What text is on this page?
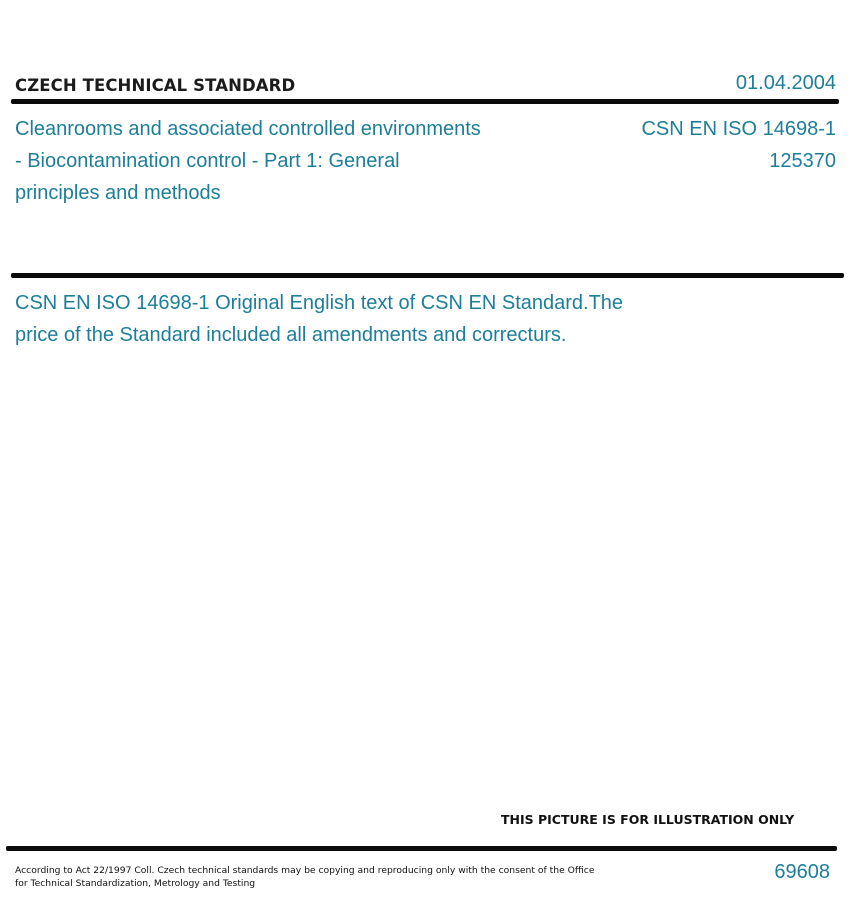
CZECH TECHNICAL STANDARD	01.04.2004
Cleanrooms and associated controlled environments
- Biocontamination control - Part 1: General
principles and methods
CSN EN ISO 14698-1
125370
CSN EN ISO 14698-1 Original English text of CSN EN Standard.The
price of the Standard included all amendments and correcturs.
THIS PICTURE IS FOR ILLUSTRATION ONLY
According to Act 22/1997 Coll. Czech technical standards may be copying and reproducing only with the consent of the Office
for Technical Standardization, Metrology and Testing
69608
